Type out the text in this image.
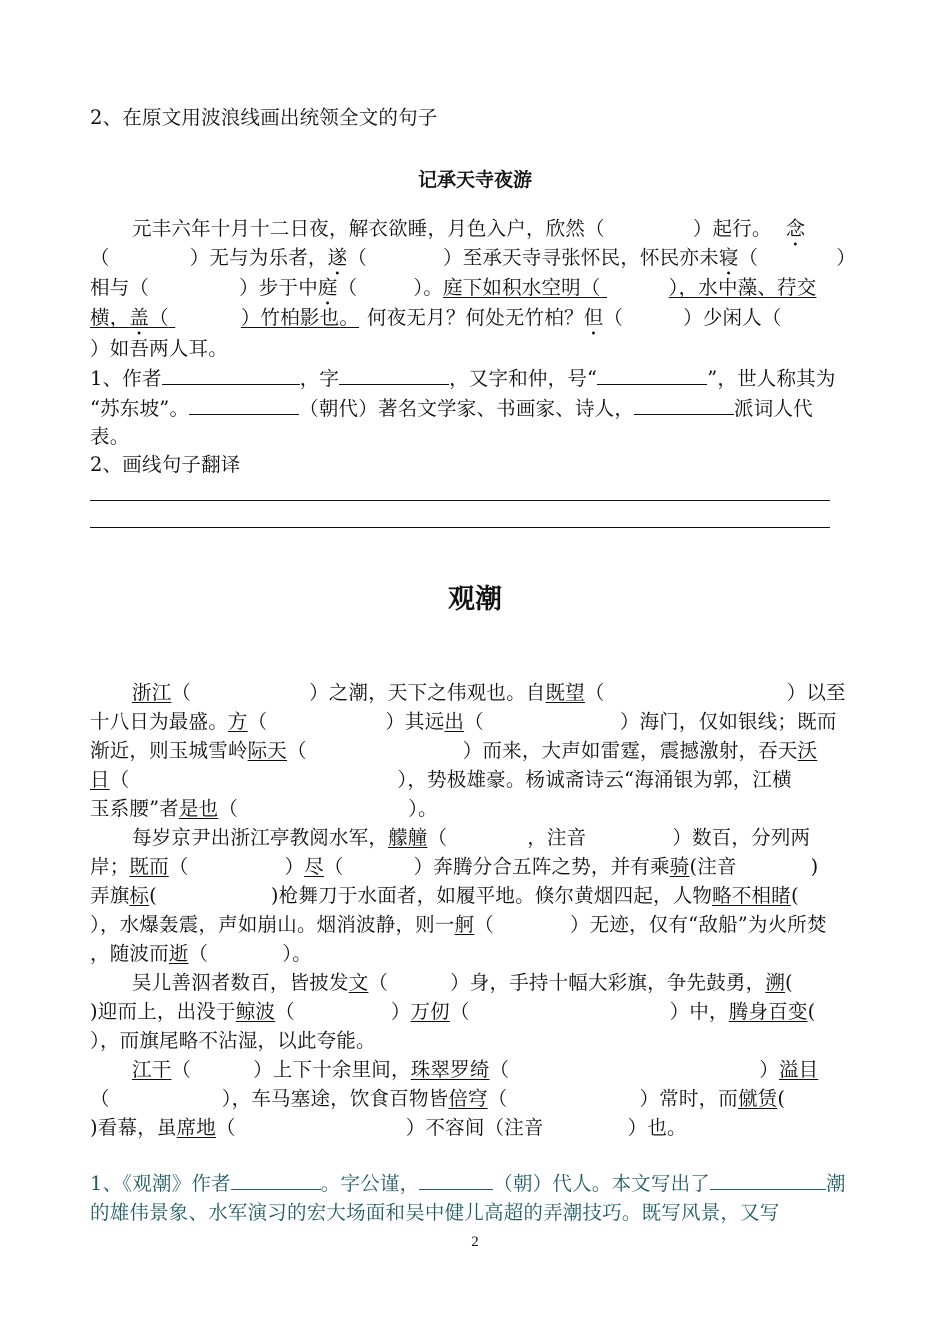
2、在原文用波浪线画出统领全文的句子
记承天寺夜游
元丰六年十月十二日夜，解衣欲睡，月色入户，欣然（	）起行。 念
（	）无与为乐者，遂（	）至承天寺寻张怀民，怀民亦未寝（	）
相与（	）步于中庭（	）。庭下如积水空明（	），水中藻、荇交
横，盖（	）竹柏影也。 何夜无月？何处无竹柏？但（	）少闲人（
）如吾两人耳。
1、作者	，字	，又字和仲，号“	”，世人称其为
“苏东坡”。	（朝代）著名文学家、书画家、诗人，	派词人代
表。
2、画线句子翻译
观潮
浙江（	）之潮，天下之伟观也。自既望（	）以至
十八日为最盛。方（	）其远出（	）海门，仅如银线；既而
渐近，则玉城雪岭际天（	）而来，大声如雷霆，震撼激射，吞天沃
日（	），势极雄豪。杨诚斋诗云“海涌银为郭，江横
玉系腰”者是也（	）。
每岁京尹出浙江亭教阅水军，艨艟（	，注音	）数百，分列两
岸；既而（	）尽（	）奔腾分合五阵之势，并有乘骑(注音	)
弄旗标(	)枪舞刀于水面者，如履平地。倏尔黄烟四起，人物略不相睹(
），水爆轰震，声如崩山。烟消波静，则一舸（	）无迹，仅有“敌船”为火所焚
，随波而逝（	）。
吴儿善泅者数百，皆披发文（	）身，手持十幅大彩旗，争先鼓勇，溯(
)迎而上，出没于鲸波（	）万仞（	）中，腾身百变(
），而旗尾略不沾湿，以此夸能。
江干（	）上下十余里间，珠翠罗绮（	）溢目
（	），车马塞途，饮食百物皆倍穹（	）常时，而僦赁(
)看幕，虽席地（	）不容间（注音	）也。
1、《观潮》作者	。字公谨，	（朝）代人。本文写出了	潮
的雄伟景象、水军演习的宏大场面和吴中健儿高超的弄潮技巧。既写风景，又写
2
